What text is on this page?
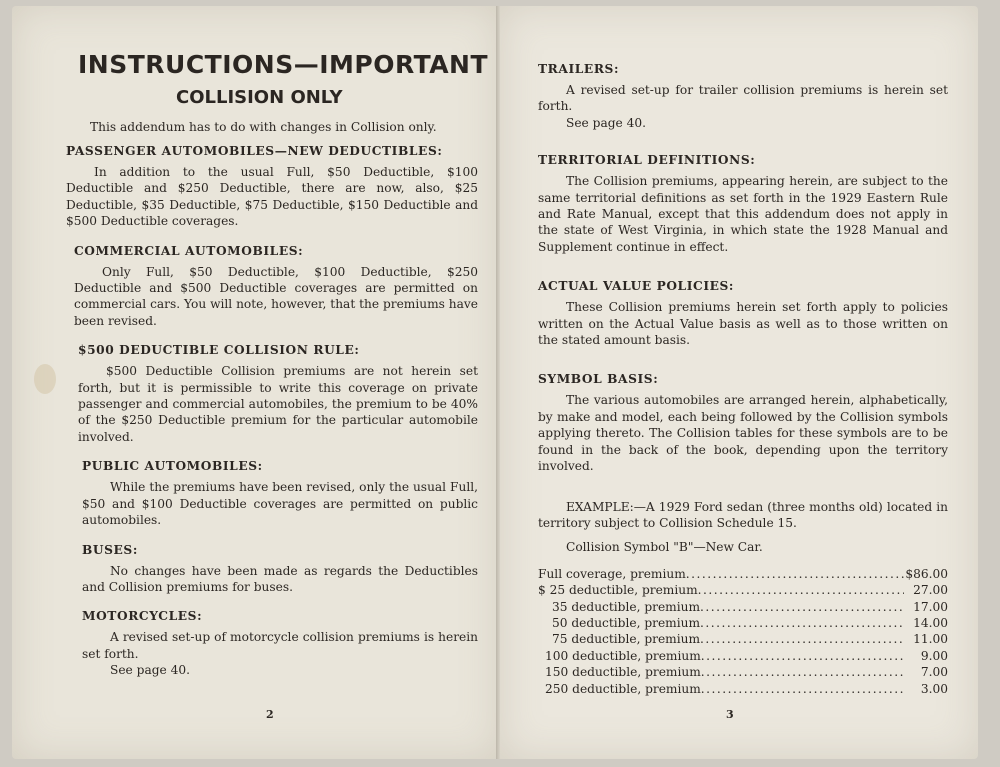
INSTRUCTIONS—IMPORTANT
COLLISION ONLY
This addendum has to do with changes in Collision only.
PASSENGER AUTOMOBILES—NEW DEDUCTIBLES:

In addition to the usual Full, $50 Deductible, $100 Deductible and $250 Deductible, there are now, also, $25 Deductible, $35 Deductible, $75 Deductible, $150 Deductible and $500 Deductible coverages.

COMMERCIAL AUTOMOBILES:

Only Full, $50 Deductible, $100 Deductible, $250 Deductible and $500 Deductible coverages are permitted on commercial cars. You will note, however, that the premiums have been revised.

$500 DEDUCTIBLE COLLISION RULE:

$500 Deductible Collision premiums are not herein set forth, but it is permissible to write this coverage on private passenger and commercial automobiles, the premium to be 40% of the $250 Deductible premium for the particular automobile involved.

PUBLIC AUTOMOBILES:

While the premiums have been revised, only the usual Full, $50 and $100 Deductible coverages are permitted on public automobiles.

BUSES:

No changes have been made as regards the Deductibles and Collision premiums for buses.

MOTORCYCLES:

A revised set-up of motorcycle collision premiums is herein set forth.

See page 40.

2
TRAILERS:

A revised set-up for trailer collision premiums is herein set forth.

See page 40.

TERRITORIAL DEFINITIONS:

The Collision premiums, appearing herein, are subject to the same territorial definitions as set forth in the 1929 Eastern Rule and Rate Manual, except that this addendum does not apply in the state of West Virginia, in which state the 1928 Manual and Supplement continue in effect.

ACTUAL VALUE POLICIES:

These Collision premiums herein set forth apply to policies written on the Actual Value basis as well as to those written on the stated amount basis.

SYMBOL BASIS:

The various automobiles are arranged herein, alphabetically, by make and model, each being followed by the Collision symbols applying thereto. The Collision tables for these symbols are to be found in the back of the book, depending upon the territory involved.

EXAMPLE:—A 1929 Ford sedan (three months old) located in territory subject to Collision Schedule 15.

Collision Symbol "B"—New Car.

Full coverage, premium .....	$86.00
$ 25 deductible, premium .....	27.00
35 deductible, premium .....	17.00
50 deductible, premium .....	14.00
75 deductible, premium .....	11.00
100 deductible, premium .....	9.00
150 deductible, premium .....	7.00
250 deductible, premium .....	3.00
3
